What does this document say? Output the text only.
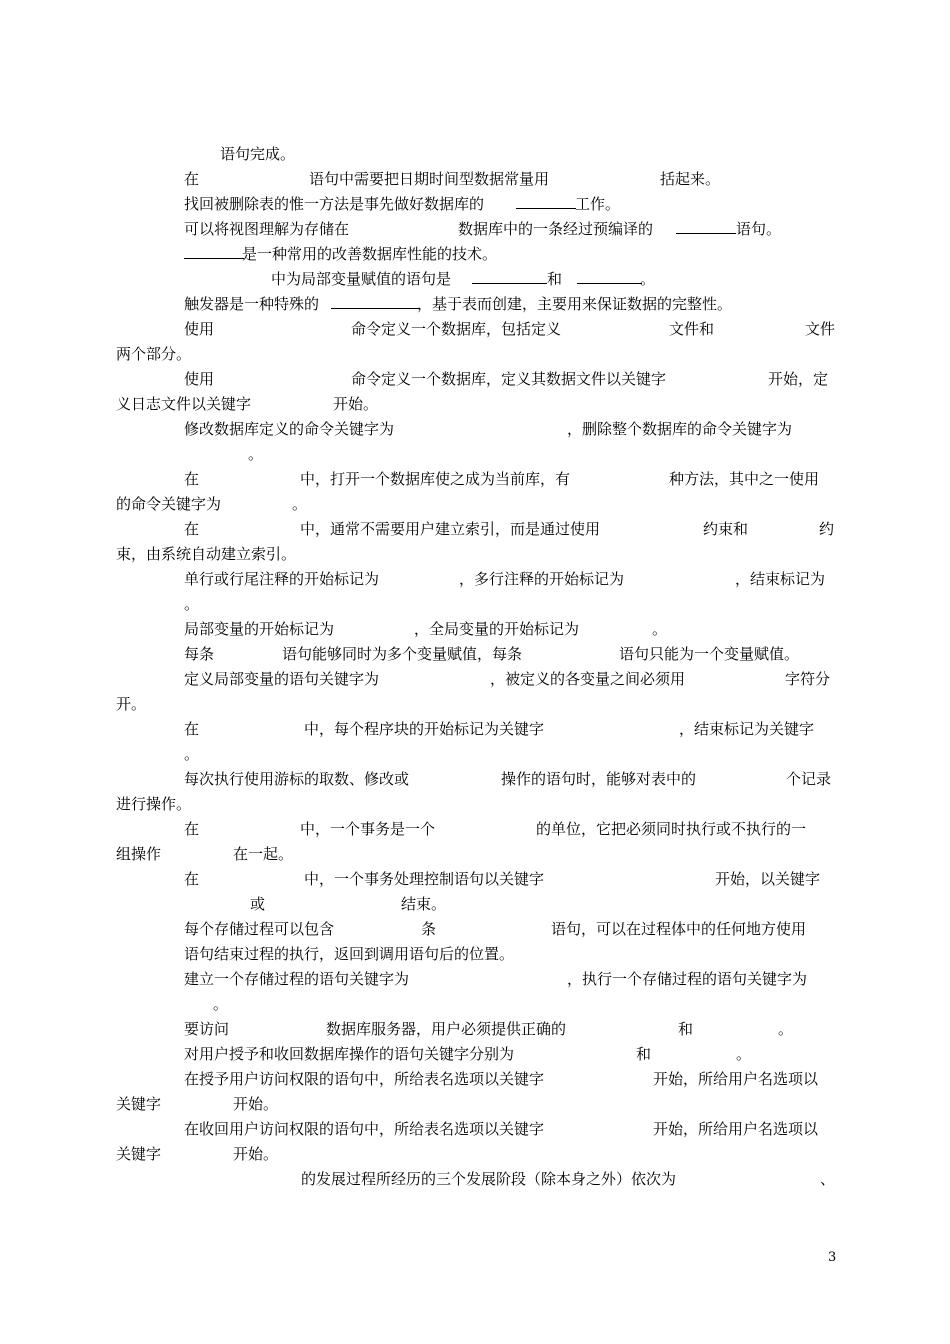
语句完成。
在	语句中需要把日期时间型数据常量用	括起来。
找回被删除表的惟一方法是事先做好数据库的	工作。
可以将视图理解为存储在	数据库中的一条经过预编译的	语句。
是一种常用的改善数据库性能的技术。
中为局部变量赋值的语句是	和	。
触发器是一种特殊的	，基于表而创建，主要用来保证数据的完整性。
使用	命令定义一个数据库，包括定义	文件和	文件
两个部分。
使用	命令定义一个数据库，定义其数据文件以关键字	开始，定
义日志文件以关键字	开始。
修改数据库定义的命令关键字为	，删除整个数据库的命令关键字为
。
在	中，打开一个数据库使之成为当前库，有	种方法，其中之一使用
的命令关键字为	。
在	中，通常不需要用户建立索引，而是通过使用	约束和	约
束，由系统自动建立索引。
单行或行尾注释的开始标记为	，多行注释的开始标记为	，结束标记为
。
局部变量的开始标记为	，全局变量的开始标记为	。
每条	语句能够同时为多个变量赋值，每条	语句只能为一个变量赋值。
定义局部变量的语句关键字为	，被定义的各变量之间必须用	字符分
开。
在	中，每个程序块的开始标记为关键字	，结束标记为关键字
。
每次执行使用游标的取数、修改或	操作的语句时，能够对表中的	个记录
进行操作。
在	中，一个事务是一个	的单位，它把必须同时执行或不执行的一
组操作	在一起。
在	中，一个事务处理控制语句以关键字	开始，以关键字
或	结束。
每个存储过程可以包含	条	语句，可以在过程体中的任何地方使用
语句结束过程的执行，返回到调用语句后的位置。
建立一个存储过程的语句关键字为	，执行一个存储过程的语句关键字为
。
要访问	数据库服务器，用户必须提供正确的	和	。
对用户授予和收回数据库操作的语句关键字分别为	和	。
在授予用户访问权限的语句中，所给表名选项以关键字	开始，所给用户名选项以
关键字	开始。
在收回用户访问权限的语句中，所给表名选项以关键字	开始，所给用户名选项以
关键字	开始。
的发展过程所经历的三个发展阶段（除本身之外）依次为	、
3
